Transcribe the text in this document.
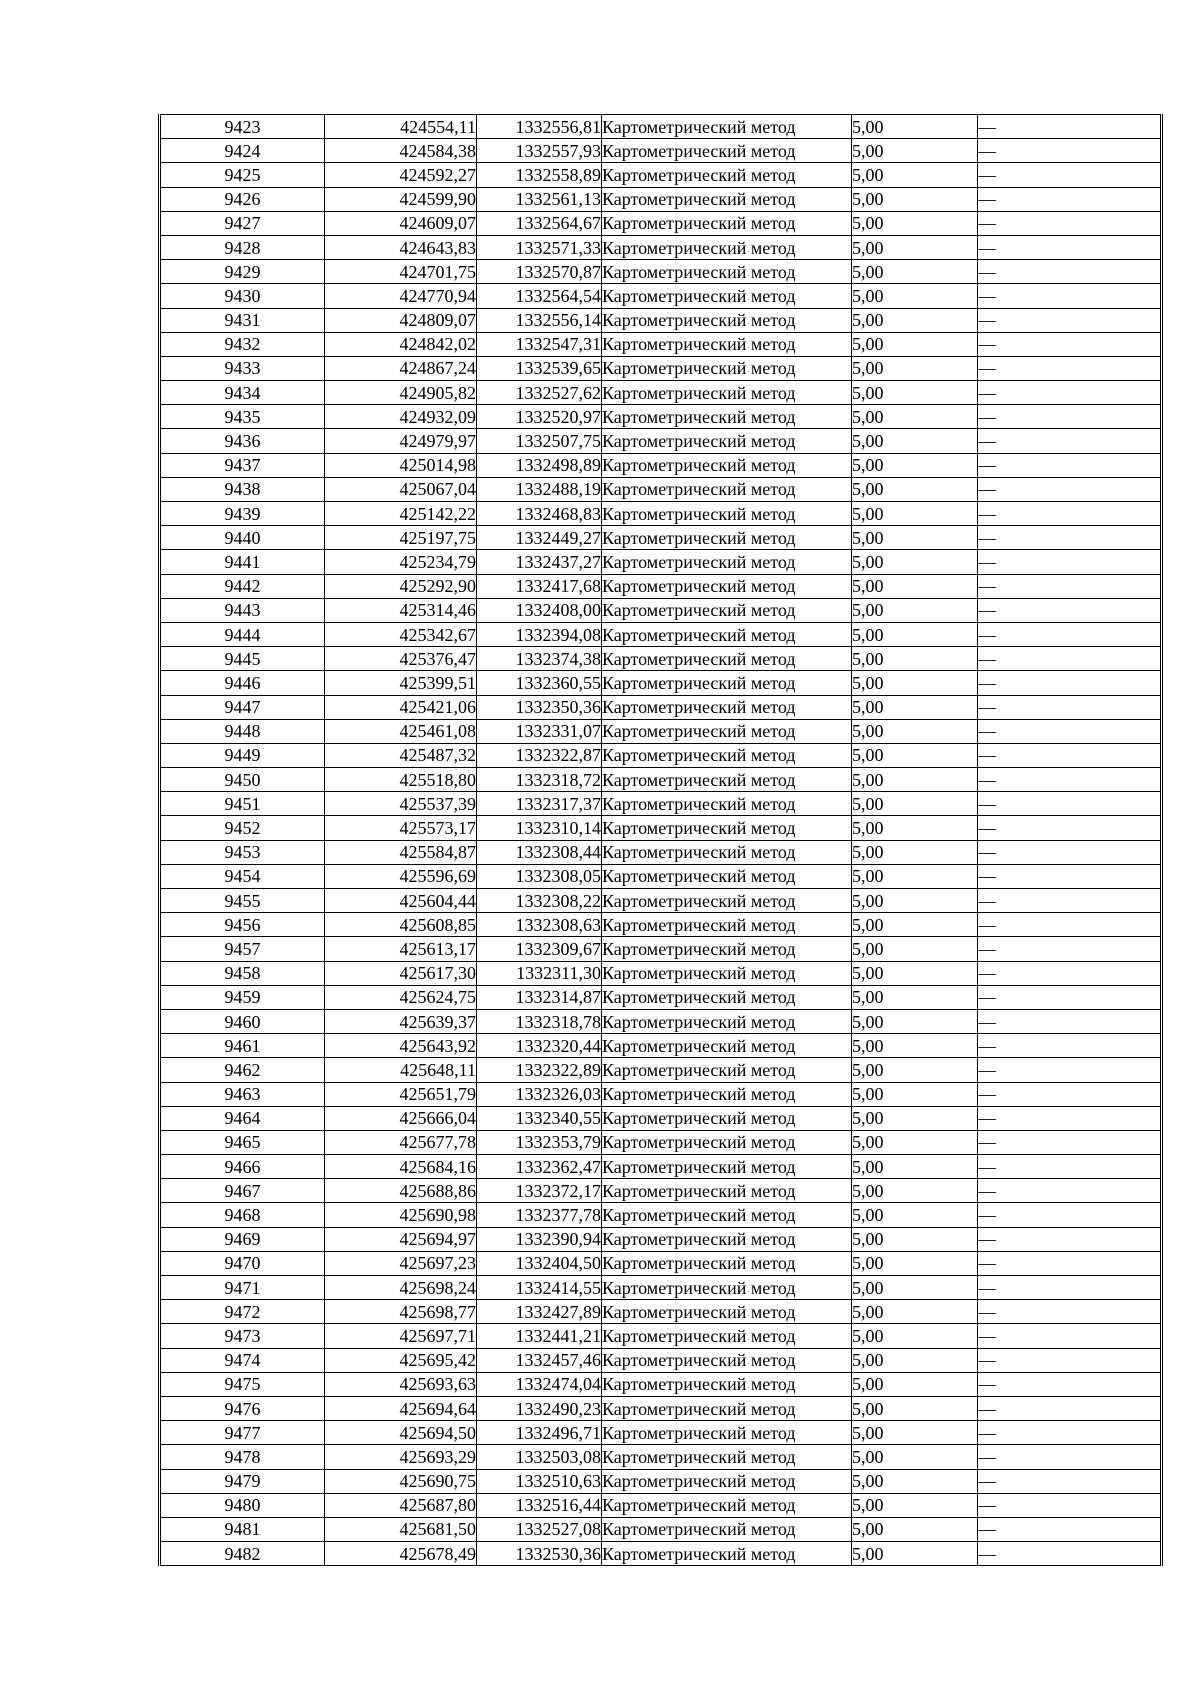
9423	424554,11	1332556,81	Картометрический метод	5,00	—
9424	424584,38	1332557,93	Картометрический метод	5,00	—
9425	424592,27	1332558,89	Картометрический метод	5,00	—
9426	424599,90	1332561,13	Картометрический метод	5,00	—
9427	424609,07	1332564,67	Картометрический метод	5,00	—
9428	424643,83	1332571,33	Картометрический метод	5,00	—
9429	424701,75	1332570,87	Картометрический метод	5,00	—
9430	424770,94	1332564,54	Картометрический метод	5,00	—
9431	424809,07	1332556,14	Картометрический метод	5,00	—
9432	424842,02	1332547,31	Картометрический метод	5,00	—
9433	424867,24	1332539,65	Картометрический метод	5,00	—
9434	424905,82	1332527,62	Картометрический метод	5,00	—
9435	424932,09	1332520,97	Картометрический метод	5,00	—
9436	424979,97	1332507,75	Картометрический метод	5,00	—
9437	425014,98	1332498,89	Картометрический метод	5,00	—
9438	425067,04	1332488,19	Картометрический метод	5,00	—
9439	425142,22	1332468,83	Картометрический метод	5,00	—
9440	425197,75	1332449,27	Картометрический метод	5,00	—
9441	425234,79	1332437,27	Картометрический метод	5,00	—
9442	425292,90	1332417,68	Картометрический метод	5,00	—
9443	425314,46	1332408,00	Картометрический метод	5,00	—
9444	425342,67	1332394,08	Картометрический метод	5,00	—
9445	425376,47	1332374,38	Картометрический метод	5,00	—
9446	425399,51	1332360,55	Картометрический метод	5,00	—
9447	425421,06	1332350,36	Картометрический метод	5,00	—
9448	425461,08	1332331,07	Картометрический метод	5,00	—
9449	425487,32	1332322,87	Картометрический метод	5,00	—
9450	425518,80	1332318,72	Картометрический метод	5,00	—
9451	425537,39	1332317,37	Картометрический метод	5,00	—
9452	425573,17	1332310,14	Картометрический метод	5,00	—
9453	425584,87	1332308,44	Картометрический метод	5,00	—
9454	425596,69	1332308,05	Картометрический метод	5,00	—
9455	425604,44	1332308,22	Картометрический метод	5,00	—
9456	425608,85	1332308,63	Картометрический метод	5,00	—
9457	425613,17	1332309,67	Картометрический метод	5,00	—
9458	425617,30	1332311,30	Картометрический метод	5,00	—
9459	425624,75	1332314,87	Картометрический метод	5,00	—
9460	425639,37	1332318,78	Картометрический метод	5,00	—
9461	425643,92	1332320,44	Картометрический метод	5,00	—
9462	425648,11	1332322,89	Картометрический метод	5,00	—
9463	425651,79	1332326,03	Картометрический метод	5,00	—
9464	425666,04	1332340,55	Картометрический метод	5,00	—
9465	425677,78	1332353,79	Картометрический метод	5,00	—
9466	425684,16	1332362,47	Картометрический метод	5,00	—
9467	425688,86	1332372,17	Картометрический метод	5,00	—
9468	425690,98	1332377,78	Картометрический метод	5,00	—
9469	425694,97	1332390,94	Картометрический метод	5,00	—
9470	425697,23	1332404,50	Картометрический метод	5,00	—
9471	425698,24	1332414,55	Картометрический метод	5,00	—
9472	425698,77	1332427,89	Картометрический метод	5,00	—
9473	425697,71	1332441,21	Картометрический метод	5,00	—
9474	425695,42	1332457,46	Картометрический метод	5,00	—
9475	425693,63	1332474,04	Картометрический метод	5,00	—
9476	425694,64	1332490,23	Картометрический метод	5,00	—
9477	425694,50	1332496,71	Картометрический метод	5,00	—
9478	425693,29	1332503,08	Картометрический метод	5,00	—
9479	425690,75	1332510,63	Картометрический метод	5,00	—
9480	425687,80	1332516,44	Картометрический метод	5,00	—
9481	425681,50	1332527,08	Картометрический метод	5,00	—
9482	425678,49	1332530,36	Картометрический метод	5,00	—
